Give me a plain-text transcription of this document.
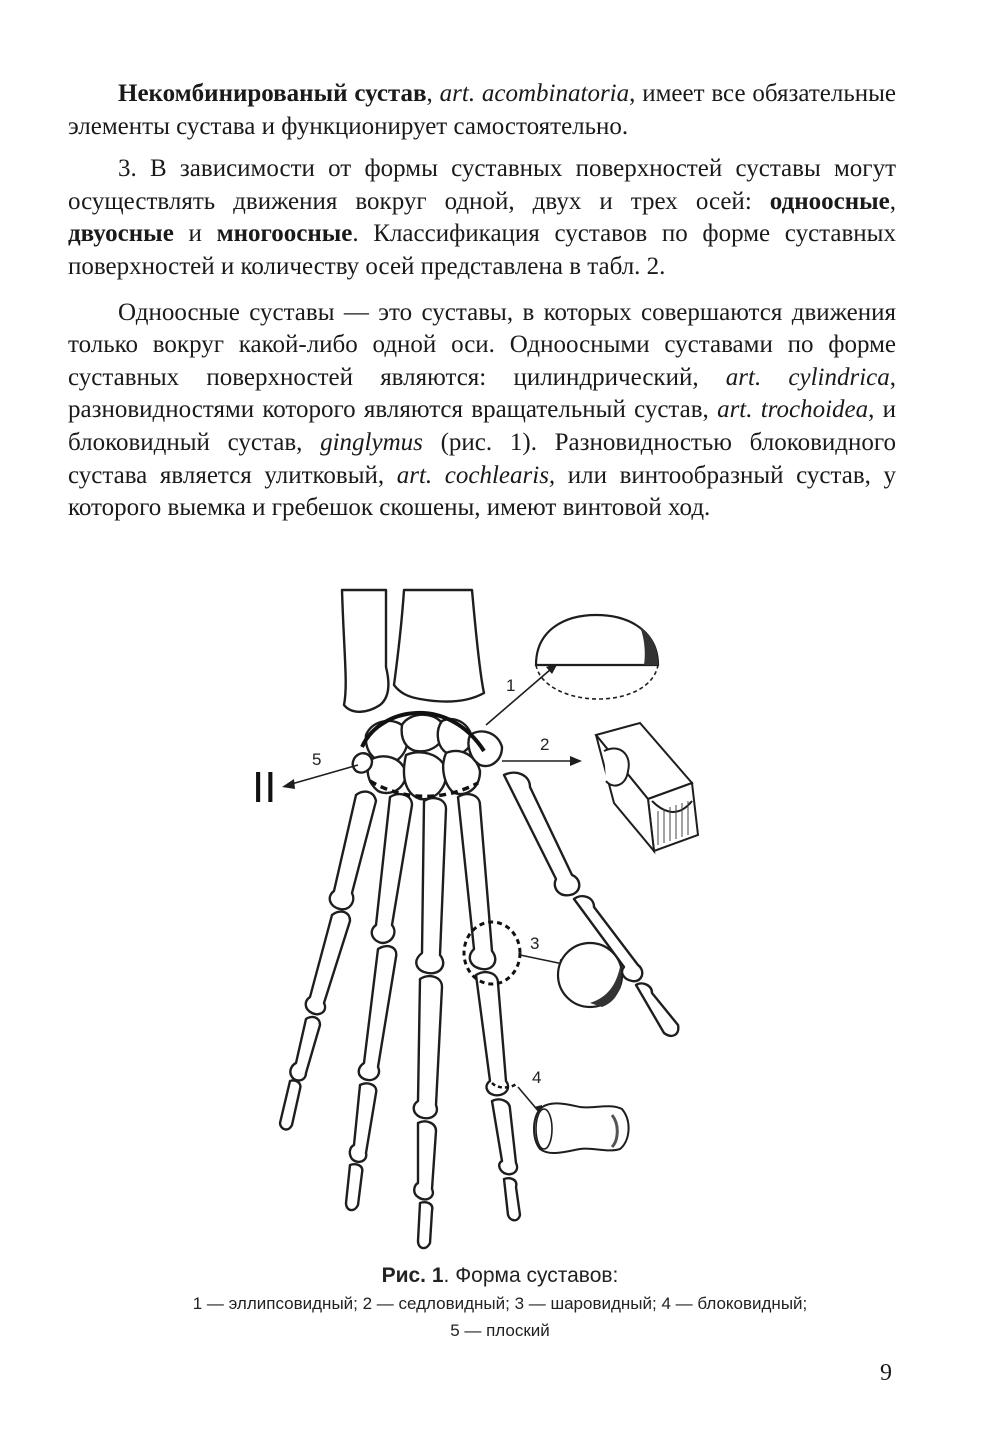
Некомбинированый сустав, art. acombinatoria, имеет все обязательные элементы сустава и функционирует самостоятельно.

3. В зависимости от формы суставных поверхностей суставы могут осуществлять движения вокруг одной, двух и трех осей: одноосные, двуосные и многоосные. Классификация суставов по форме суставных поверхностей и количеству осей представлена в табл. 2.

Одноосные суставы — это суставы, в которых совершаются движения только вокруг какой-либо одной оси. Одноосными суставами по форме суставных поверхностей являются: цилиндрический, art. cylindrica, разновидностями которого являются вращательный сустав, art. trochoidea, и блоковидный сустав, ginglymus (рис. 1). Разновидностью блоковидного сустава является улитковый, art. cochlearis, или винтообразный сустав, у которого выемка и гребешок скошены, имеют винтовой ход.

1
2
3
4
5
II
Рис. 1. Форма суставов:
1 — эллипсовидный; 2 — седловидный; 3 — шаровидный; 4 — блоковидный;
5 — плоский
9
